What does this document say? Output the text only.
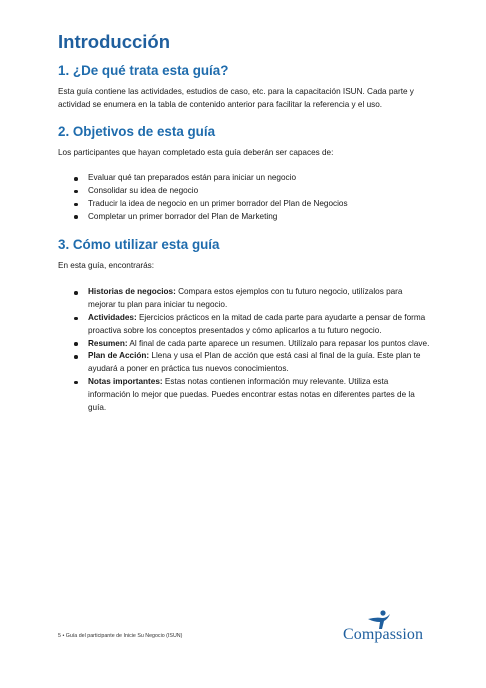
Introducción
1. ¿De qué trata esta guía?

Esta guía contiene las actividades, estudios de caso, etc. para la capacitación ISUN. Cada parte y actividad se enumera en la tabla de contenido anterior para facilitar la referencia y el uso.

2. Objetivos de esta guía

Los participantes que hayan completado esta guía deberán ser capaces de:

Evaluar qué tan preparados están para iniciar un negocio
Consolidar su idea de negocio
Traducir la idea de negocio en un primer borrador del Plan de Negocios
Completar un primer borrador del Plan de Marketing
3. Cómo utilizar esta guía

En esta guía, encontrarás:

Historias de negocios: Compara estos ejemplos con tu futuro negocio, utilízalos para mejorar tu plan para iniciar tu negocio.
Actividades: Ejercicios prácticos en la mitad de cada parte para ayudarte a pensar de forma proactiva sobre los conceptos presentados y cómo aplicarlos a tu futuro negocio.
Resumen: Al final de cada parte aparece un resumen. Utilízalo para repasar los puntos clave.
Plan de Acción: Llena y usa el Plan de acción que está casi al final de la guía. Este plan te ayudará a poner en práctica tus nuevos conocimientos.
Notas importantes: Estas notas contienen información muy relevante. Utiliza esta información lo mejor que puedas. Puedes encontrar estas notas en diferentes partes de la guía.
5 • Guía del participante de Inicie Su Negocio (ISUN)	Compassion
